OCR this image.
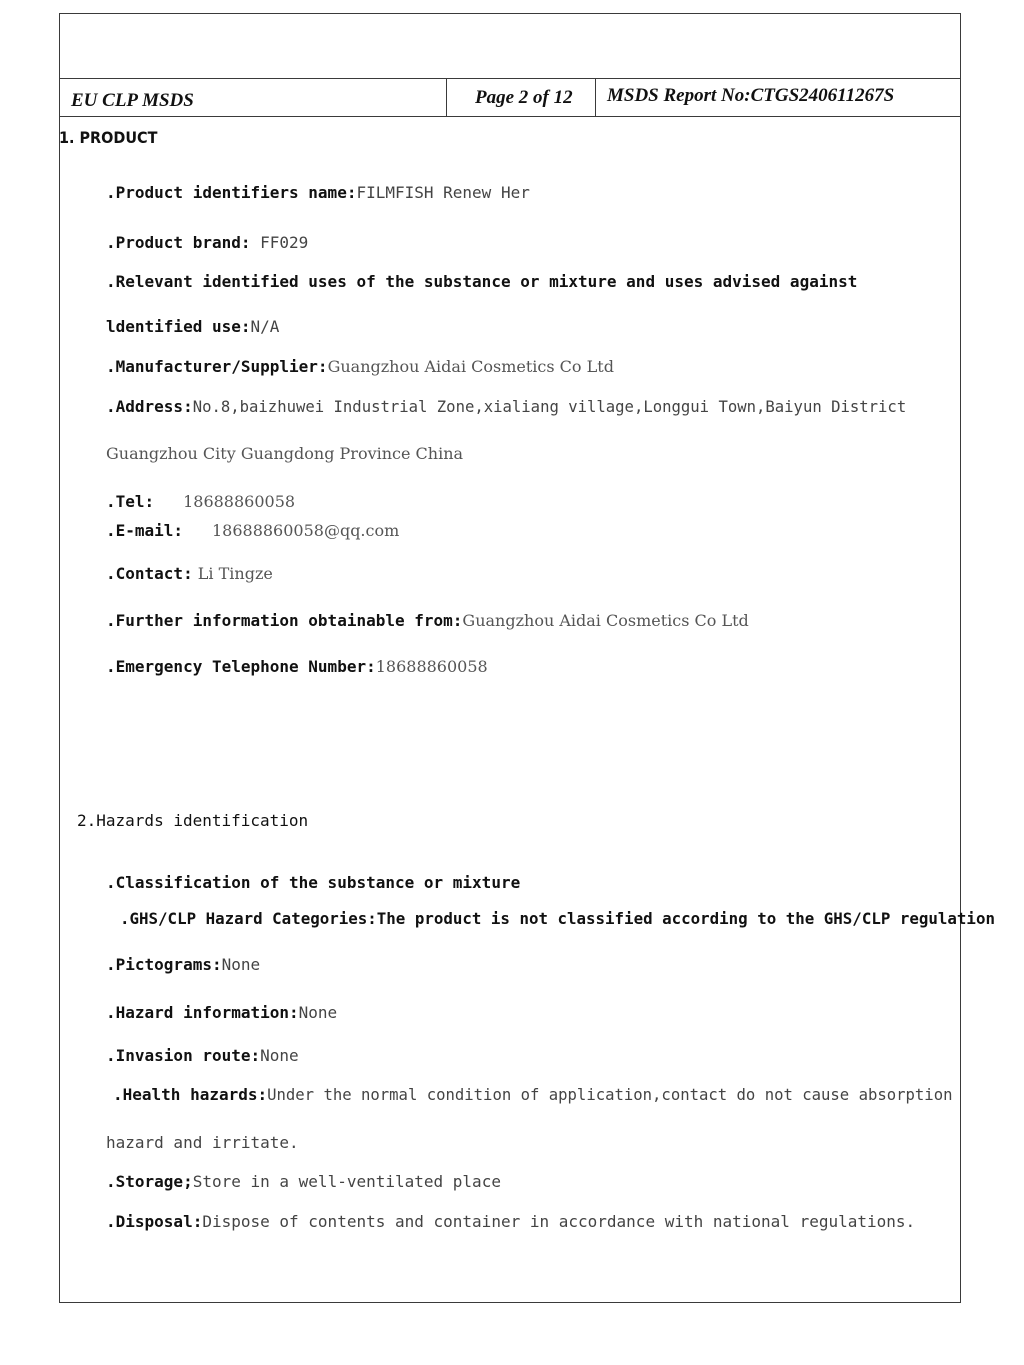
EU CLP MSDS	Page 2 of 12 MSDS Report No:CTGS240611267S
1. PRODUCT
.Product identifiers name:FILMFISH Renew Her
.Product brand: FF029
.Relevant identified uses of the substance or mixture and uses advised against
ldentified use:N/A
.Manufacturer/Supplier:Guangzhou Aidai Cosmetics Co Ltd
.Address:No.8,baizhuwei Industrial Zone,xialiang village,Longgui Town,Baiyun District
Guangzhou City Guangdong Province China
.Tel: 18688860058
.E-mail: 18688860058@qq.com
.Contact: Li Tingze
.Further information obtainable from:Guangzhou Aidai Cosmetics Co Ltd
.Emergency Telephone Number:18688860058
2.Hazards identification
.Classification of the substance or mixture
.GHS/CLP Hazard Categories:The product is not classified according to the GHS/CLP regulation
.Pictograms:None
.Hazard information:None
.Invasion route:None
.Health hazards:Under the normal condition of application,contact do not cause absorption
hazard and irritate.
.Storage;Store in a well-ventilated place
.Disposal:Dispose of contents and container in accordance with national regulations.
